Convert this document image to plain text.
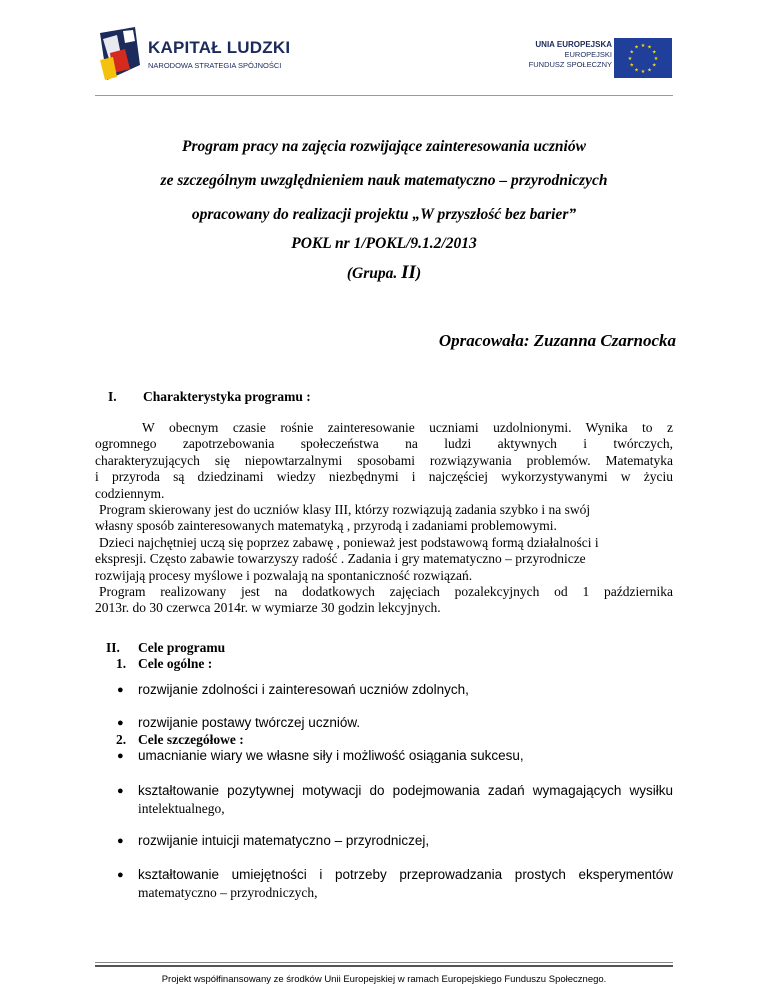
KAPITAŁ LUDZKI
NARODOWA STRATEGIA SPÓJNOŚCI
UNIA EUROPEJSKA
EUROPEJSKI
FUNDUSZ SPOŁECZNY
★ ★
★
★
★
★
★
★
★
★
★
★
Program pracy na zajęcia rozwijające zainteresowania uczniów
ze szczególnym uwzględnieniem nauk matematyczno – przyrodniczych
opracowany do realizacji projektu „W przyszłość bez barier”
POKL nr 1/POKL/9.1.2/2013
(Grupa. II)
Opracowała: Zuzanna Czarnocka
I. Charakterystyka programu :
W obecnym czasie rośnie zainteresowanie uczniami uzdolnionymi. Wynika to z
ogromnego zapotrzebowania społeczeństwa na ludzi aktywnych i twórczych,
charakteryzujących się niepowtarzalnymi sposobami rozwiązywania problemów. Matematyka
i przyroda są dziedzinami wiedzy niezbędnymi i najczęściej wykorzystywanymi w życiu
codziennym.
Program skierowany jest do uczniów klasy III, którzy rozwiązują zadania szybko i na swój
własny sposób zainteresowanych matematyką , przyrodą i zadaniami problemowymi.
Dzieci najchętniej uczą się poprzez zabawę , ponieważ jest podstawową formą działalności i
ekspresji. Często zabawie towarzyszy radość . Zadania i gry matematyczno – przyrodnicze
rozwijają procesy myślowe i pozwalają na spontaniczność rozwiązań.
Program realizowany jest na dodatkowych zajęciach pozalekcyjnych od 1 października
2013r. do 30 czerwca 2014r. w wymiarze 30 godzin lekcyjnych.
II. Cele programu
1. Cele ogólne :
● rozwijanie zdolności i zainteresowań uczniów zdolnych,
● rozwijanie postawy twórczej uczniów.
2. Cele szczegółowe :
● umacnianie wiary we własne siły i możliwość osiągania sukcesu,
● kształtowanie pozytywnej motywacji do podejmowania zadań wymagających wysiłku
intelektualnego,
● rozwijanie intuicji matematyczno – przyrodniczej,
● kształtowanie umiejętności i potrzeby przeprowadzania prostych eksperymentów
matematyczno – przyrodniczych,
Projekt współfinansowany ze środków Unii Europejskiej w ramach Europejskiego Funduszu Społecznego.
